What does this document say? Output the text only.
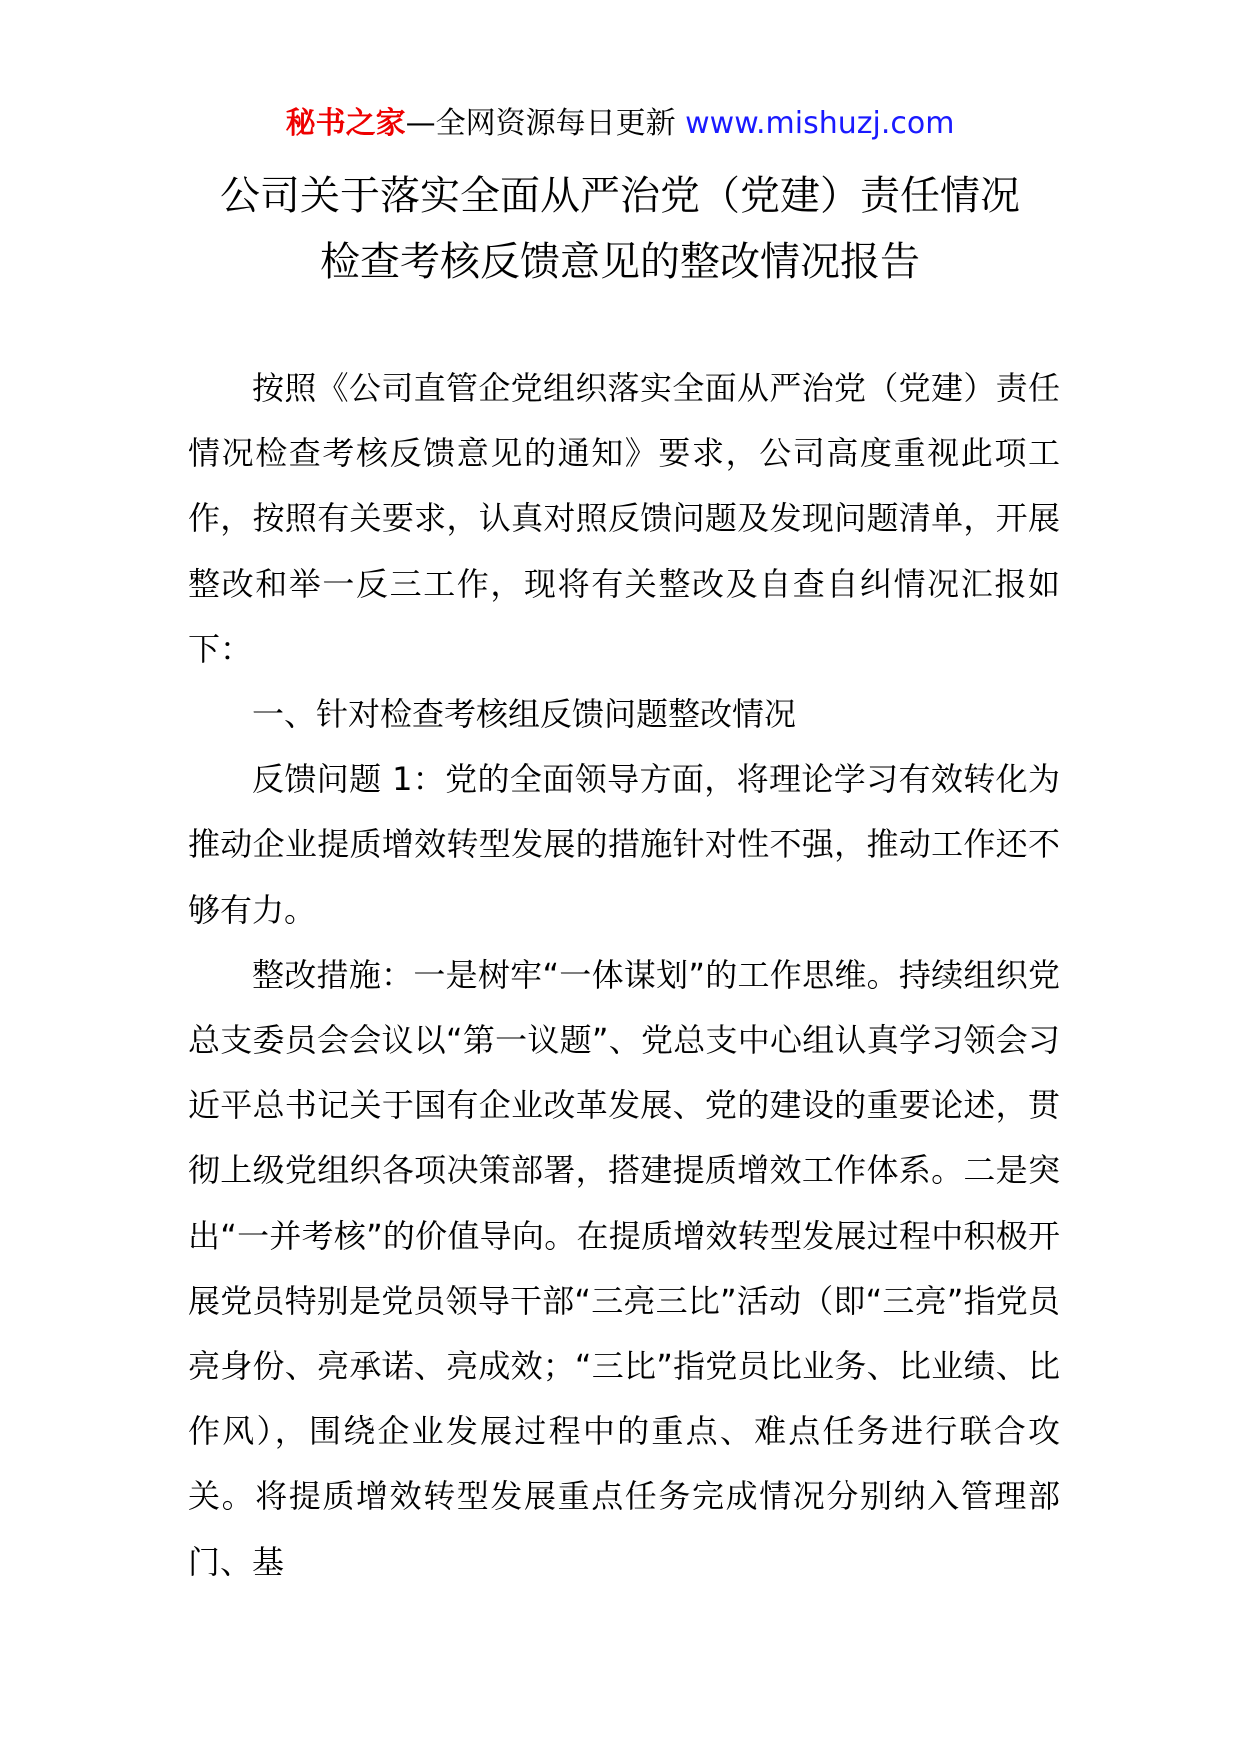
秘书之家—全网资源每日更新 www.mishuzj.com
公司关于落实全面从严治党（党建）责任情况
检查考核反馈意见的整改情况报告

按照《公司直管企党组织落实全面从严治党（党建）责任情况检查考核反馈意见的通知》要求，公司高度重视此项工作，按照有关要求，认真对照反馈问题及发现问题清单，开展整改和举一反三工作，现将有关整改及自查自纠情况汇报如下：

一、针对检查考核组反馈问题整改情况

反馈问题 1：党的全面领导方面，将理论学习有效转化为推动企业提质增效转型发展的措施针对性不强，推动工作还不够有力。

整改措施：一是树牢“一体谋划”的工作思维。持续组织党总支委员会会议以“第一议题”、党总支中心组认真学习领会习近平总书记关于国有企业改革发展、党的建设的重要论述，贯彻上级党组织各项决策部署，搭建提质增效工作体系。二是突出“一并考核”的价值导向。在提质增效转型发展过程中积极开展党员特别是党员领导干部“三亮三比”活动（即“三亮”指党员亮身份、亮承诺、亮成效；“三比”指党员比业务、比业绩、比作风），围绕企业发展过程中的重点、难点任务进行联合攻关。将提质增效转型发展重点任务完成情况分别纳入管理部门、基
